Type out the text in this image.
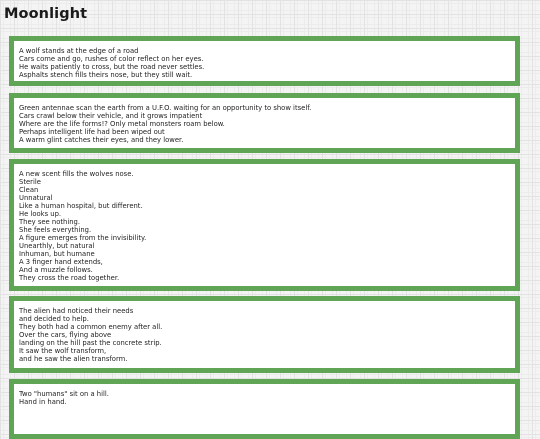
Moonlight
A wolf stands at the edge of a road
Cars come and go, rushes of color reflect on her eyes.
He waits patiently to cross, but the road never settles.
Asphalts stench fills theirs nose, but they still wait.
Green antennae scan the earth from a U.F.O. waiting for an opportunity to show itself.
Cars crawl below their vehicle, and it grows impatient
Where are the life forms!? Only metal monsters roam below.
Perhaps intelligent life had been wiped out
A warm glint catches their eyes, and they lower.
A new scent fills the wolves nose.
Sterile
Clean
Unnatural
Like a human hospital, but different.
He looks up.
They see nothing.
She feels everything.
A figure emerges from the invisibility.
Unearthly, but natural
Inhuman, but humane
A 3 finger hand extends,
And a muzzle follows.
They cross the road together.
The alien had noticed their needs
and decided to help.
They both had a common enemy after all.
Over the cars, flying above
landing on the hill past the concrete strip.
It saw the wolf transform,
and he saw the alien transform.
Two "humans" sit on a hill.
Hand in hand.
